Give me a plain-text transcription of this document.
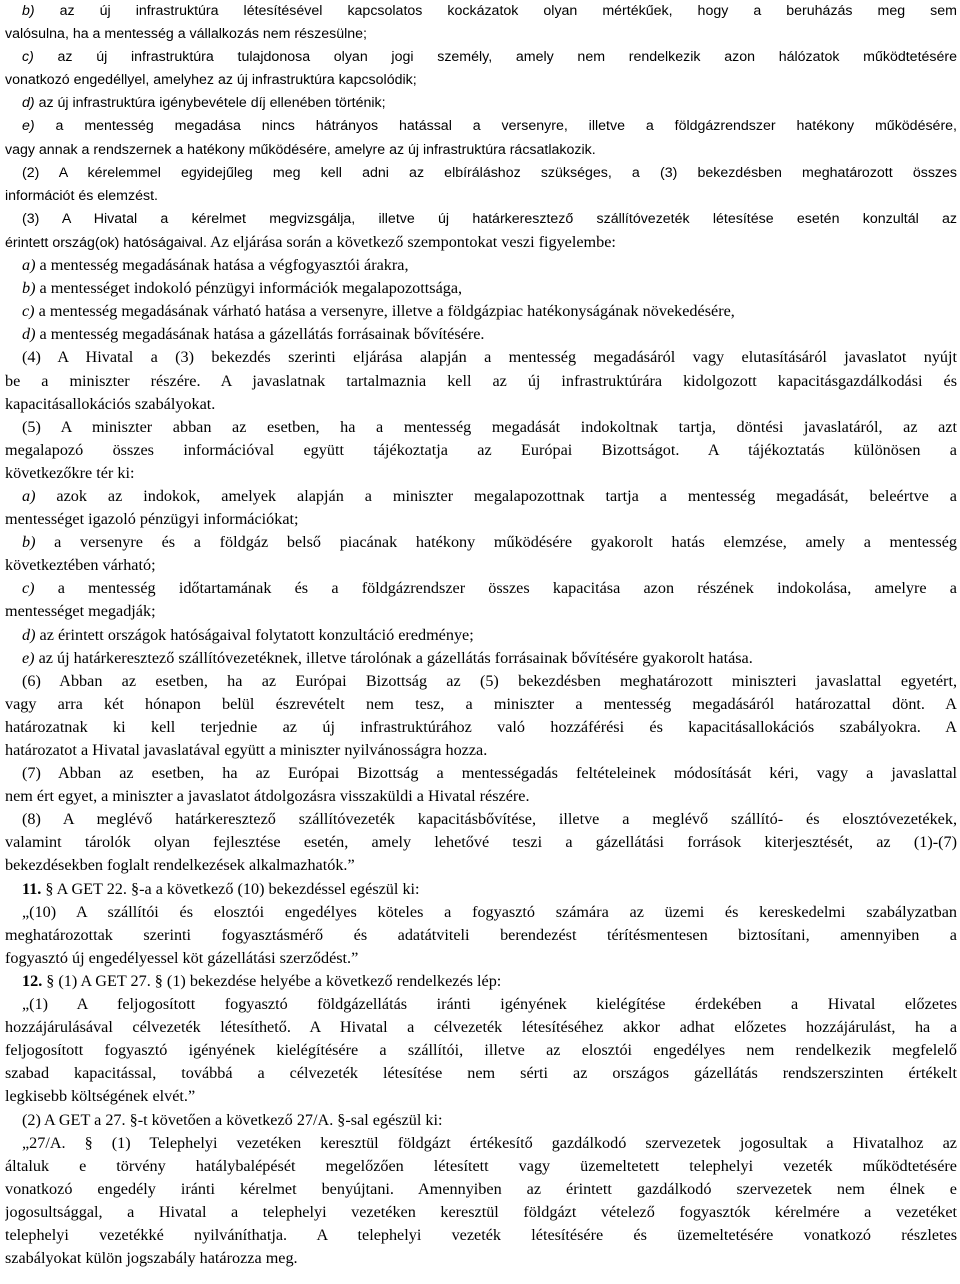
b) az új infrastruktúra létesítésével kapcsolatos kockázatok olyan mértékűek, hogy a beruházás meg sem
valósulna, ha a mentesség a vállalkozás nem részesülne;
c) az új infrastruktúra tulajdonosa olyan jogi személy, amely nem rendelkezik azon hálózatok működtetésére
vonatkozó engedéllyel, amelyhez az új infrastruktúra kapcsolódik;
d) az új infrastruktúra igénybevétele díj ellenében történik;
e) a mentesség megadása nincs hátrányos hatással a versenyre, illetve a földgázrendszer hatékony működésére,
vagy annak a rendszernek a hatékony működésére, amelyre az új infrastruktúra rácsatlakozik.
(2) A kérelemmel egyidejűleg meg kell adni az elbíráláshoz szükséges, a (3) bekezdésben meghatározott összes
információt és elemzést.
(3) A Hivatal a kérelmet megvizsgálja, illetve új határkeresztező szállítóvezeték létesítése esetén konzultál az
érintett ország(ok) hatóságaival. Az eljárása során a következő szempontokat veszi figyelembe:
a) a mentesség megadásának hatása a végfogyasztói árakra,
b) a mentességet indokoló pénzügyi információk megalapozottsága,
c) a mentesség megadásának várható hatása a versenyre, illetve a földgázpiac hatékonyságának növekedésére,
d) a mentesség megadásának hatása a gázellátás forrásainak bővítésére.
(4) A Hivatal a (3) bekezdés szerinti eljárása alapján a mentesség megadásáról vagy elutasításáról javaslatot nyújt
be a miniszter részére. A javaslatnak tartalmaznia kell az új infrastruktúrára kidolgozott kapacitásgazdálkodási és
kapacitásallokációs szabályokat.
(5) A miniszter abban az esetben, ha a mentesség megadását indokoltnak tartja, döntési javaslatáról, az azt
megalapozó összes információval együtt tájékoztatja az Európai Bizottságot. A tájékoztatás különösen a
következőkre tér ki:
a) azok az indokok, amelyek alapján a miniszter megalapozottnak tartja a mentesség megadását, beleértve a
mentességet igazoló pénzügyi információkat;
b) a versenyre és a földgáz belső piacának hatékony működésére gyakorolt hatás elemzése, amely a mentesség
következtében várható;
c) a mentesség időtartamának és a földgázrendszer összes kapacitása azon részének indokolása, amelyre a
mentességet megadják;
d) az érintett országok hatóságaival folytatott konzultáció eredménye;
e) az új határkeresztező szállítóvezetéknek, illetve tárolónak a gázellátás forrásainak bővítésére gyakorolt hatása.
(6) Abban az esetben, ha az Európai Bizottság az (5) bekezdésben meghatározott miniszteri javaslattal egyetért,
vagy arra két hónapon belül észrevételt nem tesz, a miniszter a mentesség megadásáról határozattal dönt. A
határozatnak ki kell terjednie az új infrastruktúrához való hozzáférési és kapacitásallokációs szabályokra. A
határozatot a Hivatal javaslatával együtt a miniszter nyilvánosságra hozza.
(7) Abban az esetben, ha az Európai Bizottság a mentességadás feltételeinek módosítását kéri, vagy a javaslattal
nem ért egyet, a miniszter a javaslatot átdolgozásra visszaküldi a Hivatal részére.
(8) A meglévő határkeresztező szállítóvezeték kapacitásbővítése, illetve a meglévő szállító- és elosztóvezetékek,
valamint tárolók olyan fejlesztése esetén, amely lehetővé teszi a gázellátási források kiterjesztését, az (1)-(7)
bekezdésekben foglalt rendelkezések alkalmazhatók.”
11. § A GET 22. §-a a következő (10) bekezdéssel egészül ki:
„(10) A szállítói és elosztói engedélyes köteles a fogyasztó számára az üzemi és kereskedelmi szabályzatban
meghatározottak szerinti fogyasztásmérő és adatátviteli berendezést térítésmentesen biztosítani, amennyiben a
fogyasztó új engedélyessel köt gázellátási szerződést.”
12. § (1) A GET 27. § (1) bekezdése helyébe a következő rendelkezés lép:
„(1) A feljogosított fogyasztó földgázellátás iránti igényének kielégítése érdekében a Hivatal előzetes
hozzájárulásával célvezeték létesíthető. A Hivatal a célvezeték létesítéséhez akkor adhat előzetes hozzájárulást, ha a
feljogosított fogyasztó igényének kielégítésére a szállítói, illetve az elosztói engedélyes nem rendelkezik megfelelő
szabad kapacitással, továbbá a célvezeték létesítése nem sérti az országos gázellátás rendszerszinten értékelt
legkisebb költségének elvét.”
(2) A GET a 27. §-t követően a következő 27/A. §-sal egészül ki:
„27/A. § (1) Telephelyi vezetéken keresztül földgázt értékesítő gazdálkodó szervezetek jogosultak a Hivatalhoz az
általuk e törvény hatálybalépését megelőzően létesített vagy üzemeltetett telephelyi vezeték működtetésére
vonatkozó engedély iránti kérelmet benyújtani. Amennyiben az érintett gazdálkodó szervezetek nem élnek e
jogosultsággal, a Hivatal a telephelyi vezetéken keresztül földgázt vételező fogyasztók kérelmére a vezetéket
telephelyi vezetékké nyilváníthatja. A telephelyi vezeték létesítésére és üzemeltetésére vonatkozó részletes
szabályokat külön jogszabály határozza meg.
